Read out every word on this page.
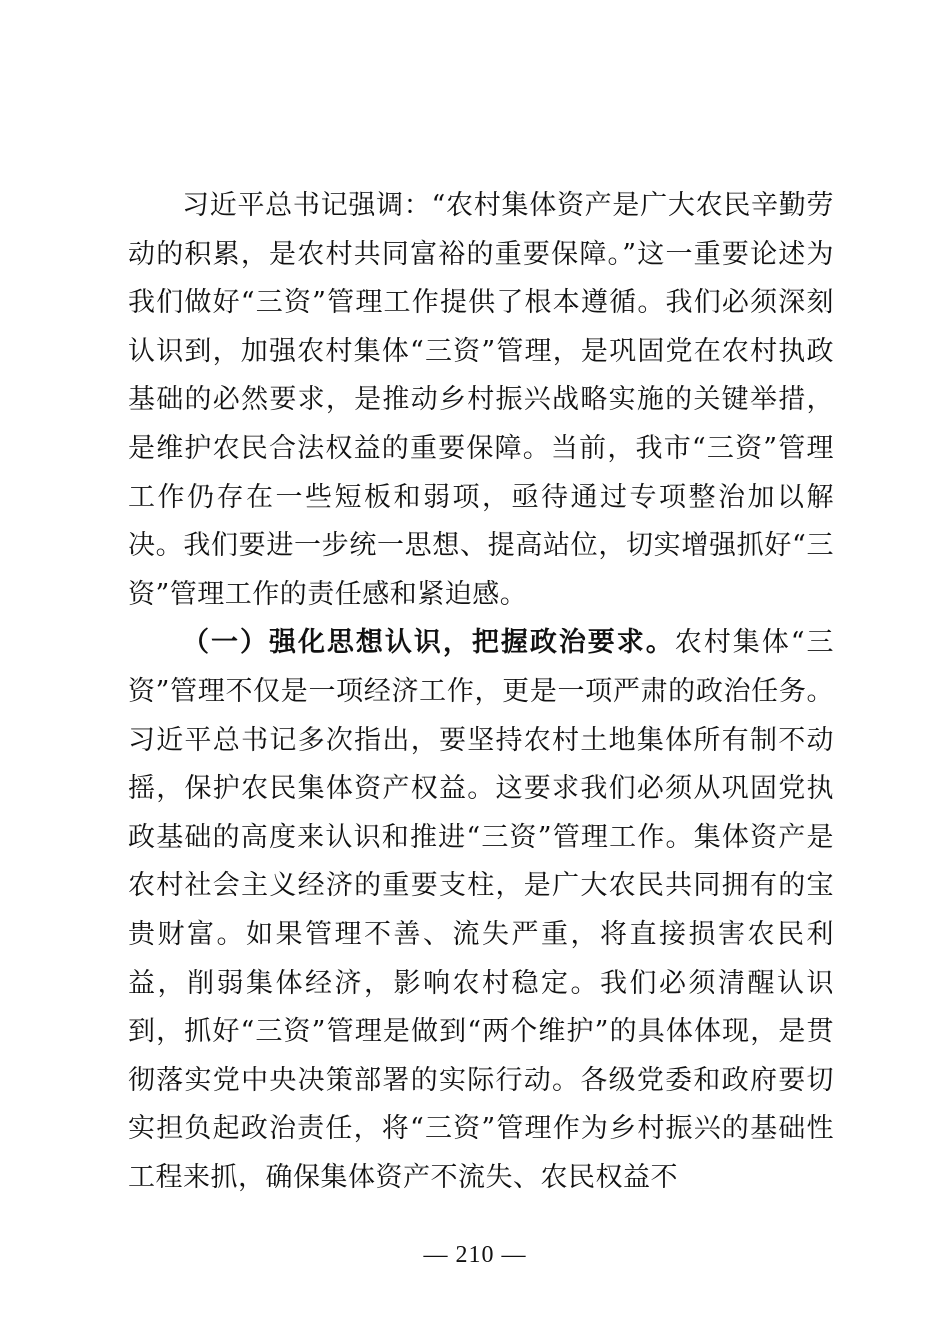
习近平总书记强调：“农村集体资产是广大农民辛勤劳动的积累，是农村共同富裕的重要保障。”这一重要论述为我们做好“三资”管理工作提供了根本遵循。我们必须深刻认识到，加强农村集体“三资”管理，是巩固党在农村执政基础的必然要求，是推动乡村振兴战略实施的关键举措，是维护农民合法权益的重要保障。当前，我市“三资”管理工作仍存在一些短板和弱项，亟待通过专项整治加以解决。我们要进一步统一思想、提高站位，切实增强抓好“三资”管理工作的责任感和紧迫感。

（一）强化思想认识，把握政治要求。农村集体“三资”管理不仅是一项经济工作，更是一项严肃的政治任务。习近平总书记多次指出，要坚持农村土地集体所有制不动摇，保护农民集体资产权益。这要求我们必须从巩固党执政基础的高度来认识和推进“三资”管理工作。集体资产是农村社会主义经济的重要支柱，是广大农民共同拥有的宝贵财富。如果管理不善、流失严重，将直接损害农民利益，削弱集体经济，影响农村稳定。我们必须清醒认识到，抓好“三资”管理是做到“两个维护”的具体体现，是贯彻落实党中央决策部署的实际行动。各级党委和政府要切实担负起政治责任，将“三资”管理作为乡村振兴的基础性工程来抓，确保集体资产不流失、农民权益不

— 210 —
